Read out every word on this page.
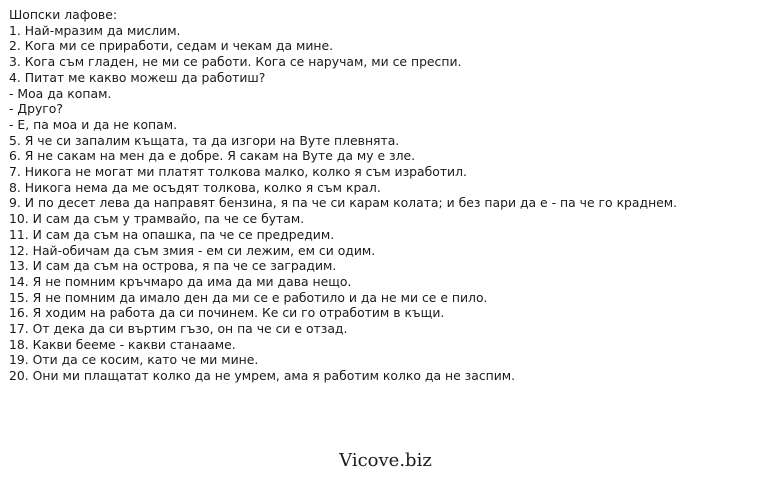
Шопски лафове:

1. Най-мразим да мислим.

2. Кога ми се приработи, седам и чекам да мине.

3. Кога съм гладен, не ми се работи. Кога се наручам, ми се преспи.

4. Питат ме какво можеш да работиш?

- Моа да копам.

- Друго?

- Е, па моа и да не копам.

5. Я че си запалим къщата, та да изгори на Вуте плевнята.

6. Я не сакам на мен да е добре. Я сакам на Вуте да му е зле.

7. Никога не могат ми платят толкова малко, колко я съм изработил.

8. Никога нема да ме осъдят толкова, колко я съм крал.

9. И по десет лева да направят бензина, я па че си карам колата; и без пари да е - па че го краднем.

10. И сам да съм у трамвайо, па че се бутам.

11. И сам да съм на опашка, па че се предредим.

12. Най-обичам да съм змия - ем си лежим, ем си одим.

13. И сам да съм на острова, я па че се заградим.

14. Я не помним кръчмаро да има да ми дава нещо.

15. Я не помним да имало ден да ми се е работило и да не ми се е пило.

16. Я ходим на работа да си починем. Ке си го отработим в къщи.

17. От дека да си въртим гъзо, он па че си е отзад.

18. Какви бееме - какви станааме.

19. Оти да се косим, като че ми мине.

20. Они ми плащатат колко да не умрем, ама я работим колко да не заспим.

Vicove.biz
